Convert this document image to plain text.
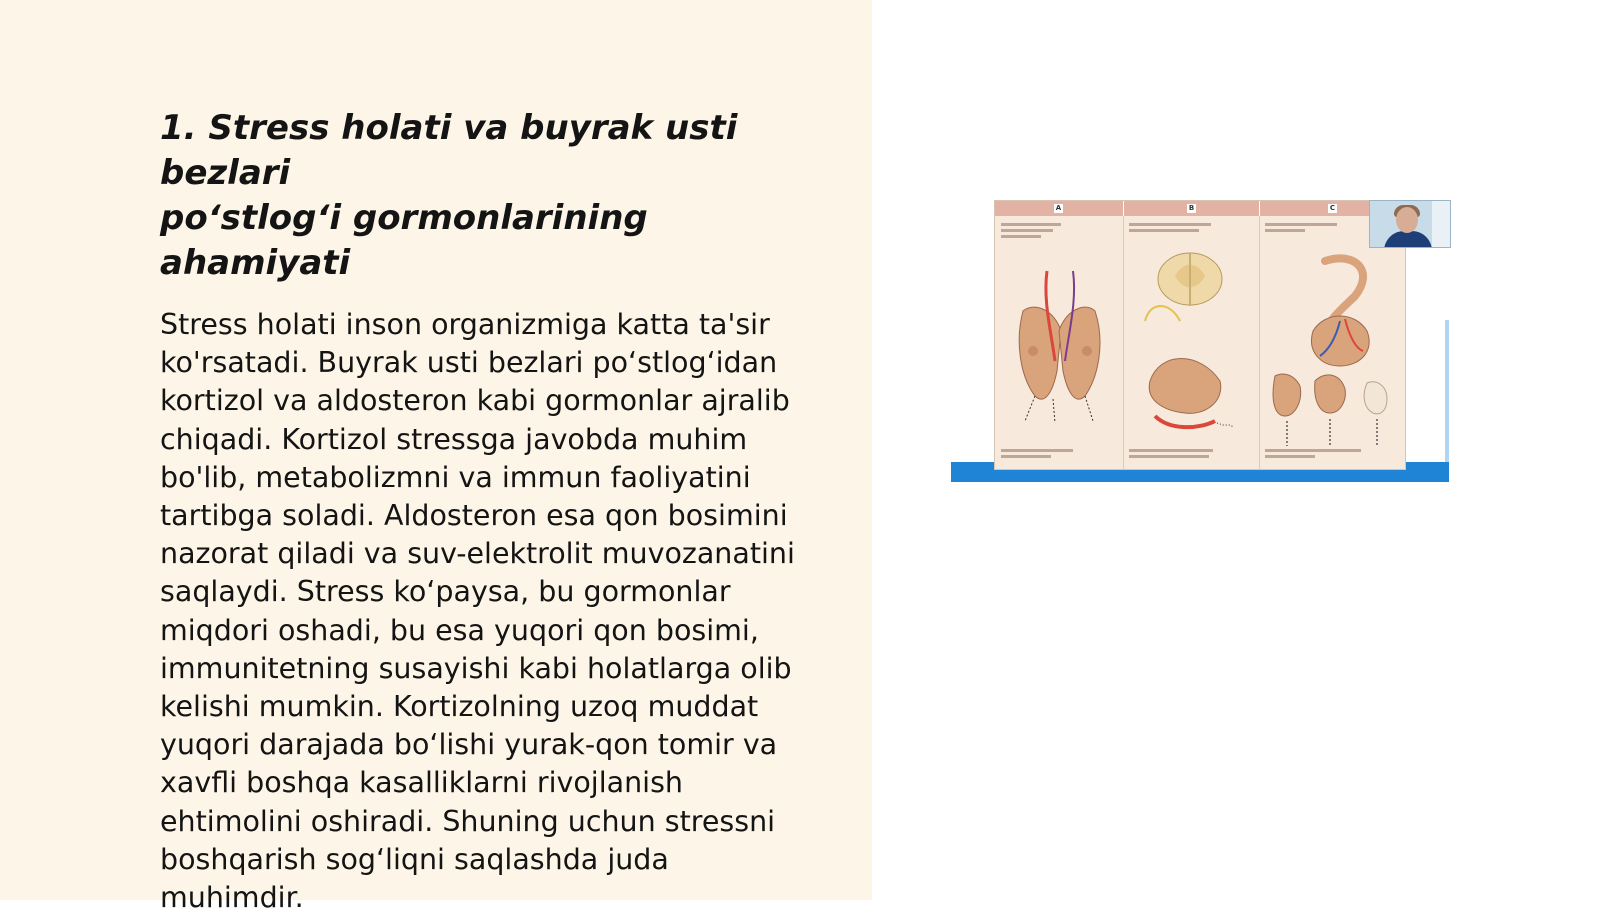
1. Stress holati va buyrak usti bezlari
po‘stlog‘i gormonlarining ahamiyati

Stress holati inson organizmiga katta ta'sir
ko'rsatadi. Buyrak usti bezlari po‘stlog‘idan
kortizol va aldosteron kabi gormonlar ajralib
chiqadi. Kortizol stressga javobda muhim
bo'lib, metabolizmni va immun faoliyatini
tartibga soladi. Aldosteron esa qon bosimini
nazorat qiladi va suv-elektrolit muvozanatini
saqlaydi. Stress ko‘paysa, bu gormonlar
miqdori oshadi, bu esa yuqori qon bosimi,
immunitetning susayishi kabi holatlarga olib
kelishi mumkin. Kortizolning uzoq muddat
yuqori darajada bo‘lishi yurak-qon tomir va
xavfli boshqa kasalliklarni rivojlanish
ehtimolini oshiradi. Shuning uchun stressni
boshqarish sog‘liqni saqlashda juda
muhimdir.

A	B	C
